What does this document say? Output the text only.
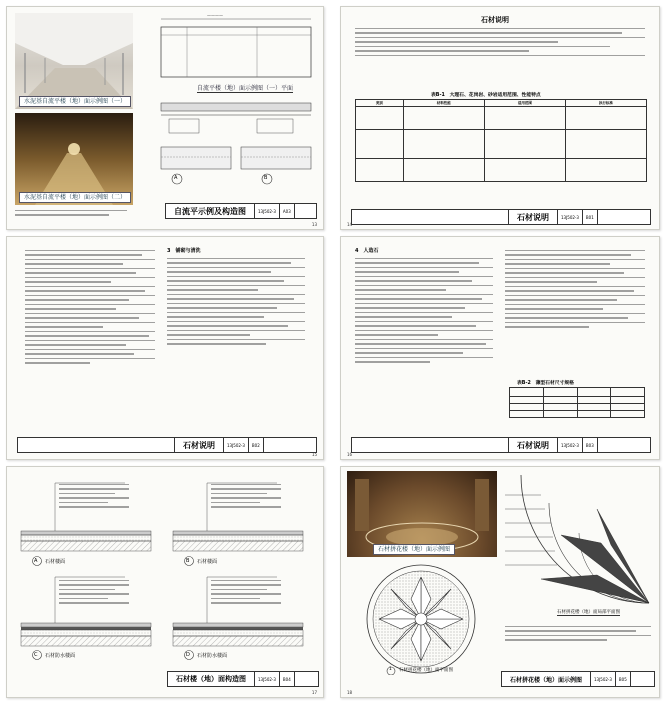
水泥基自流平楼（地）面示例图（一）
水泥基自流平楼（地）面示例图（二）
————
自流平楼（地）面示例图（一）平面
A	B
自流平示例及构造图	13J502-3	A03
13
石材说明
表B-1　大理石、花岗岩、砂岩适用范围、性能特点
类别	材料性能	适用范围	执行标准

石材说明	13J502-3	B01
14
3　铺砌与清洗
石材说明	13J502-3	B02
15
4　人造石
表B-2　薄型石材尺寸规格

石材说明	13J502-3	B03
16
A 石材楼面	B 石材楼面
C 石材防水楼面	D 石材防水楼面
石材楼（地）面构造图	13J502-3	B04
17
石材拼花楼（地）面示例图
1 石材拼花楼（地）面平面图
石材拼花楼（地）面局部平面图
石材拼花楼（地）面示例图	13J502-3	B05
18
